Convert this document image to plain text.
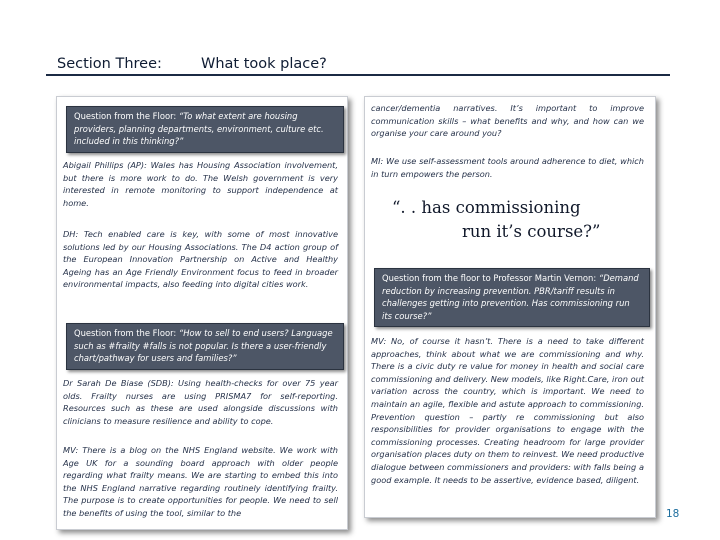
Section Three:	What took place?
Question from the Floor: “To what extent are housing providers, planning departments, environment, culture etc. included in this thinking?”
Abigail Phillips (AP): Wales has Housing Association involvement, but there is more work to do. The Welsh government is very interested in remote monitoring to support independence at home.
DH: Tech enabled care is key, with some of most innovative solutions led by our Housing Associations. The D4 action group of the European Innovation Partnership on Active and Healthy Ageing has an Age Friendly Environment focus to feed in broader environmental impacts, also feeding into digital cities work.
Question from the Floor: “How to sell to end users? Language such as #frailty #falls is not popular. Is there a user-friendly chart/pathway for users and families?”
Dr Sarah De Biase (SDB): Using health-checks for over 75 year olds. Frailty nurses are using PRISMA7 for self-reporting. Resources such as these are used alongside discussions with clinicians to measure resilience and ability to cope.
MV: There is a blog on the NHS England website. We work with Age UK for a sounding board approach with older people regarding what frailty means. We are starting to embed this into the NHS England narrative regarding routinely identifying frailty. The purpose is to create opportunities for people. We need to sell the benefits of using the tool, similar to the
cancer/dementia narratives. It’s important to improve communication skills – what benefits and why, and how can we organise your care around you?
MI: We use self-assessment tools around adherence to diet, which in turn empowers the person.
“. . has commissioning
run it’s course?”
Question from the floor to Professor Martin Vernon: “Demand reduction by increasing prevention. PBR/tariff results in challenges getting into prevention. Has commissioning run its course?”
MV: No, of course it hasn’t. There is a need to take different approaches, think about what we are commissioning and why. There is a civic duty re value for money in health and social care commissioning and delivery. New models, like Right.Care, iron out variation across the country, which is important. We need to maintain an agile, flexible and astute approach to commissioning. Prevention question – partly re commissioning but also responsibilities for provider organisations to engage with the commissioning processes. Creating headroom for large provider organisation places duty on them to reinvest. We need productive dialogue between commissioners and providers: with falls being a good example. It needs to be assertive, evidence based, diligent.
18
